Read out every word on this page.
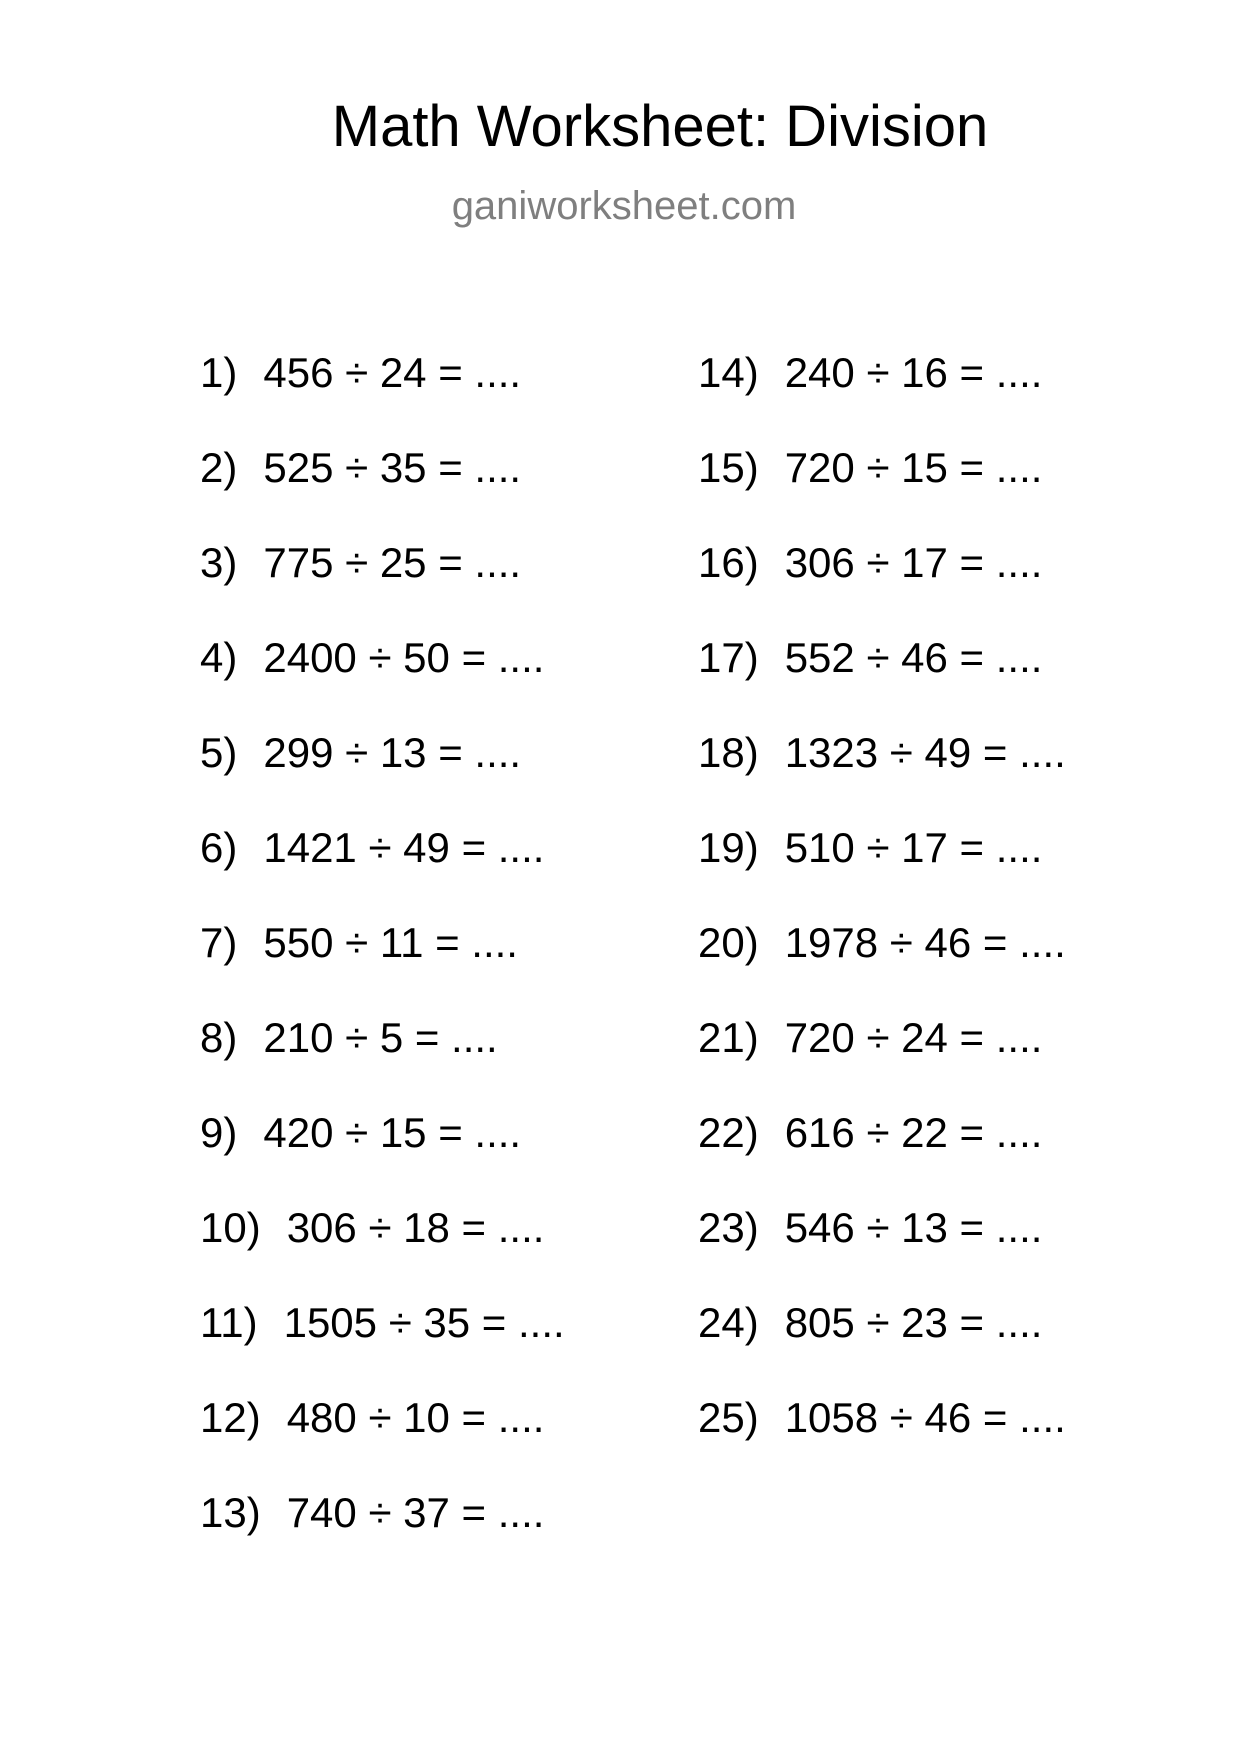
Math Worksheet: Division
ganiworksheet.com
1) 456 ÷ 24 = ....
2) 525 ÷ 35 = ....
3) 775 ÷ 25 = ....
4) 2400 ÷ 50 = ....
5) 299 ÷ 13 = ....
6) 1421 ÷ 49 = ....
7) 550 ÷ 11 = ....
8) 210 ÷ 5 = ....
9) 420 ÷ 15 = ....
10) 306 ÷ 18 = ....
11) 1505 ÷ 35 = ....
12) 480 ÷ 10 = ....
13) 740 ÷ 37 = ....
14) 240 ÷ 16 = ....
15) 720 ÷ 15 = ....
16) 306 ÷ 17 = ....
17) 552 ÷ 46 = ....
18) 1323 ÷ 49 = ....
19) 510 ÷ 17 = ....
20) 1978 ÷ 46 = ....
21) 720 ÷ 24 = ....
22) 616 ÷ 22 = ....
23) 546 ÷ 13 = ....
24) 805 ÷ 23 = ....
25) 1058 ÷ 46 = ....
